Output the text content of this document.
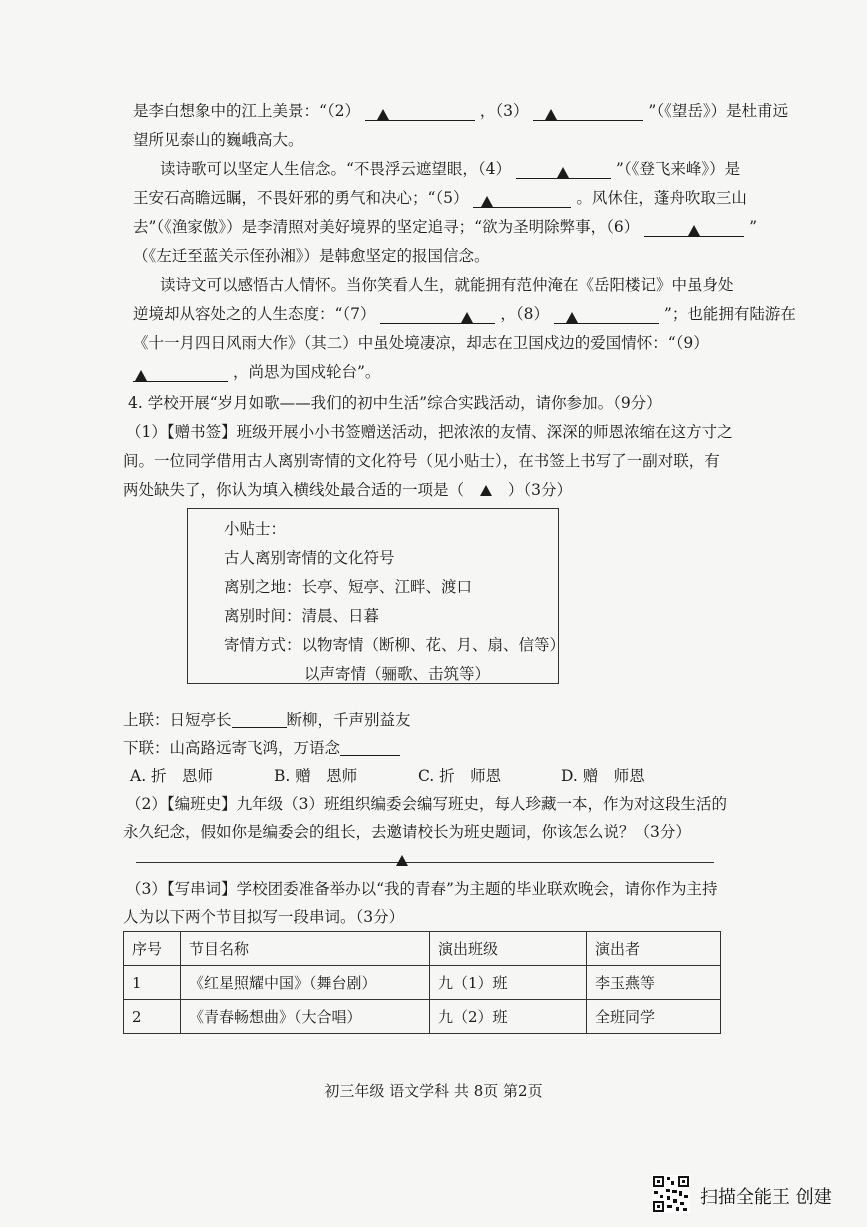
是李白想象中的江上美景：“（2）	，（3）	”（《望岳》）是杜甫远
望所见泰山的巍峨高大。
读诗歌可以坚定人生信念。“不畏浮云遮望眼，（4）	”（《登飞来峰》）是
王安石高瞻远瞩，不畏奸邪的勇气和决心；“（5）	。风休住，蓬舟吹取三山
去”（《渔家傲》）是李清照对美好境界的坚定追寻；“欲为圣明除弊事，（6）	”
（《左迁至蓝关示侄孙湘》）是韩愈坚定的报国信念。
读诗文可以感悟古人情怀。当你笑看人生，就能拥有范仲淹在《岳阳楼记》中虽身处
逆境却从容处之的人生态度：“（7）	，（8）	”；也能拥有陆游在
《十一月四日风雨大作》（其二）中虽处境凄凉，却志在卫国戍边的爱国情怀：“（9）
，尚思为国戍轮台”。
4. 学校开展“岁月如歌——我们的初中生活”综合实践活动，请你参加。（9分）
（1）【赠书签】班级开展小小书签赠送活动，把浓浓的友情、深深的师恩浓缩在这方寸之
间。一位同学借用古人离别寄情的文化符号（见小贴士），在书签上书写了一副对联，有
两处缺失了，你认为填入横线处最合适的一项是（	）（3分）
小贴士：
古人离别寄情的文化符号
离别之地：长亭、短亭、江畔、渡口
离别时间：清晨、日暮
寄情方式：以物寄情（断柳、花、月、扇、信等）
以声寄情（骊歌、击筑等）
上联：日短亭长	断柳，千声别益友
下联：山高路远寄飞鸿，万语念
A. 折　恩师	B. 赠　恩师	C. 折　师恩	D. 赠　师恩
（2）【编班史】九年级（3）班组织编委会编写班史，每人珍藏一本，作为对这段生活的
永久纪念，假如你是编委会的组长，去邀请校长为班史题词，你该怎么说？（3分）
（3）【写串词】学校团委准备举办以“我的青春”为主题的毕业联欢晚会，请你作为主持
人为以下两个节目拟写一段串词。（3分）
序号	节目名称	演出班级	演出者
1	《红星照耀中国》（舞台剧）	九（1）班	李玉燕等
2	《青春畅想曲》（大合唱）	九（2）班	全班同学
初三年级 语文学科 共 8页 第2页
扫描全能王 创建
